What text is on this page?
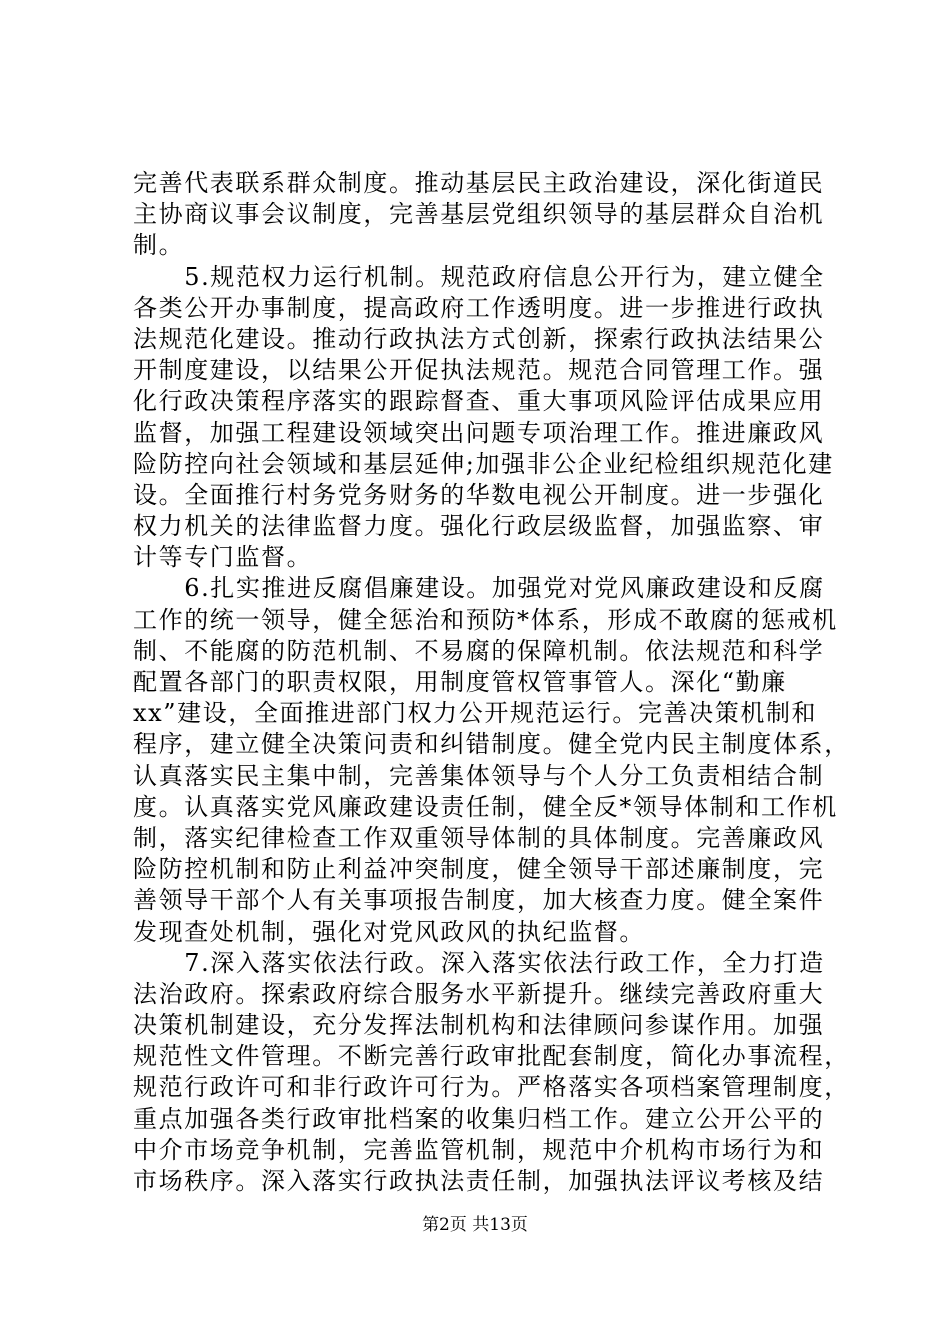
完善代表联系群众制度。推动基层民主政治建设，深化街道民
主协商议事会议制度，完善基层党组织领导的基层群众自治机
制。
　　5.规范权力运行机制。规范政府信息公开行为，建立健全
各类公开办事制度，提高政府工作透明度。进一步推进行政执
法规范化建设。推动行政执法方式创新，探索行政执法结果公
开制度建设，以结果公开促执法规范。规范合同管理工作。强
化行政决策程序落实的跟踪督查、重大事项风险评估成果应用
监督，加强工程建设领域突出问题专项治理工作。推进廉政风
险防控向社会领域和基层延伸;加强非公企业纪检组织规范化建
设。全面推行村务党务财务的华数电视公开制度。进一步强化
权力机关的法律监督力度。强化行政层级监督，加强监察、审
计等专门监督。
　　6.扎实推进反腐倡廉建设。加强党对党风廉政建设和反腐
工作的统一领导，健全惩治和预防*体系，形成不敢腐的惩戒机
制、不能腐的防范机制、不易腐的保障机制。依法规范和科学
配置各部门的职责权限，用制度管权管事管人。深化“勤廉
xx”建设，全面推进部门权力公开规范运行。完善决策机制和
程序，建立健全决策问责和纠错制度。健全党内民主制度体系，
认真落实民主集中制，完善集体领导与个人分工负责相结合制
度。认真落实党风廉政建设责任制，健全反*领导体制和工作机
制，落实纪律检查工作双重领导体制的具体制度。完善廉政风
险防控机制和防止利益冲突制度，健全领导干部述廉制度，完
善领导干部个人有关事项报告制度，加大核查力度。健全案件
发现查处机制，强化对党风政风的执纪监督。
　　7.深入落实依法行政。深入落实依法行政工作，全力打造
法治政府。探索政府综合服务水平新提升。继续完善政府重大
决策机制建设，充分发挥法制机构和法律顾问参谋作用。加强
规范性文件管理。不断完善行政审批配套制度，简化办事流程，
规范行政许可和非行政许可行为。严格落实各项档案管理制度，
重点加强各类行政审批档案的收集归档工作。建立公开公平的
中介市场竞争机制，完善监管机制，规范中介机构市场行为和
市场秩序。深入落实行政执法责任制，加强执法评议考核及结
第2页 共13页
